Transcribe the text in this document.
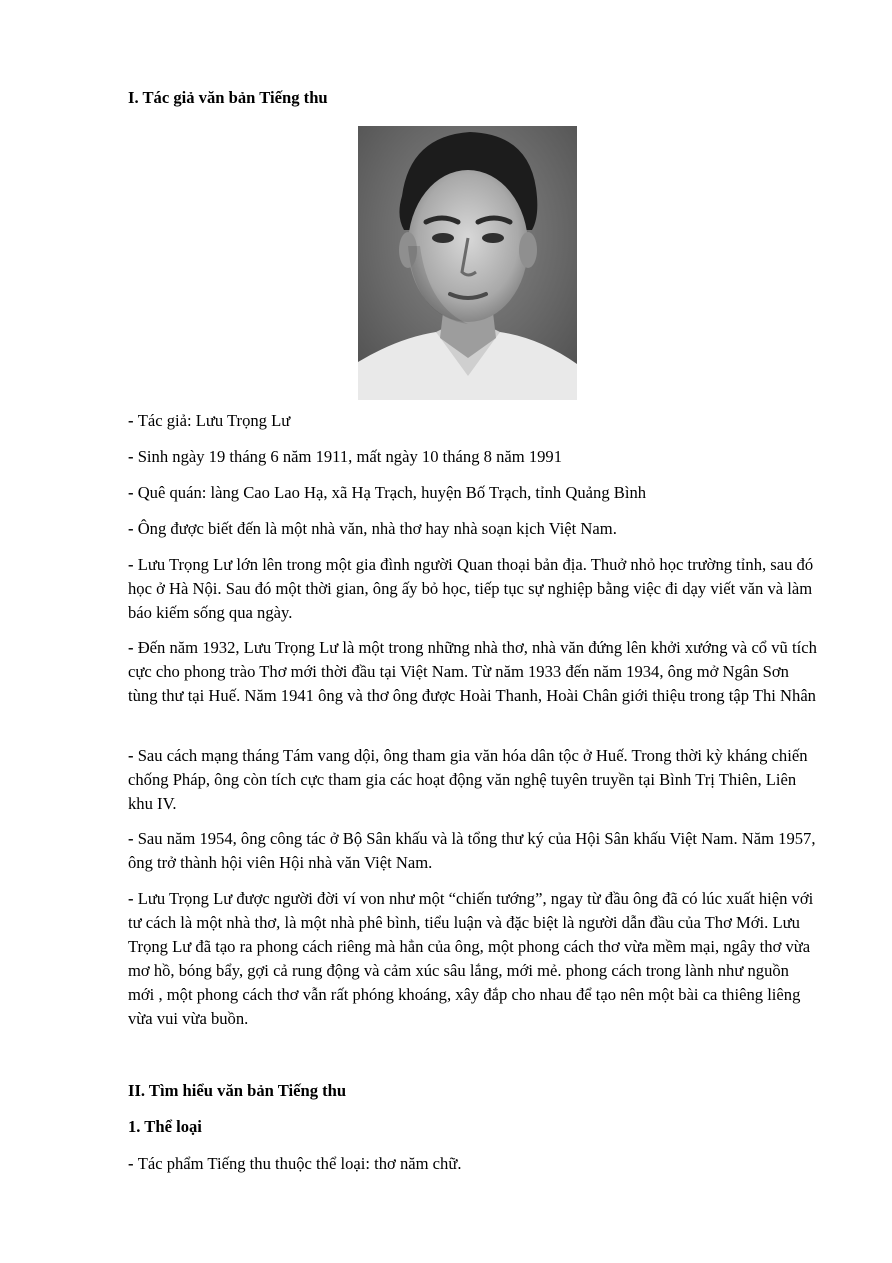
I. Tác giả văn bản Tiếng thu

- Tác giả: Lưu Trọng Lư

- Sinh ngày 19 tháng 6 năm 1911, mất ngày 10 tháng 8 năm 1991

- Quê quán: làng Cao Lao Hạ, xã Hạ Trạch, huyện Bố Trạch, tỉnh Quảng Bình

- Ông được biết đến là một nhà văn, nhà thơ hay nhà soạn kịch Việt Nam.

- Lưu Trọng Lư lớn lên trong một gia đình người Quan thoại bản địa. Thuở nhỏ học trường tỉnh, sau đó học ở Hà Nội. Sau đó một thời gian, ông ấy bỏ học, tiếp tục sự nghiệp bằng việc đi dạy viết văn và làm báo kiếm sống qua ngày.

- Đến năm 1932, Lưu Trọng Lư là một trong những nhà thơ, nhà văn đứng lên khởi xướng và cổ vũ tích cực cho phong trào Thơ mới thời đầu tại Việt Nam. Từ năm 1933 đến năm 1934, ông mở Ngân Sơn tùng thư tại Huế. Năm 1941 ông và thơ ông được Hoài Thanh, Hoài Chân giới thiệu trong tập Thi Nhân

- Sau cách mạng tháng Tám vang dội, ông tham gia văn hóa dân tộc ở Huế. Trong thời kỳ kháng chiến chống Pháp, ông còn tích cực tham gia các hoạt động văn nghệ tuyên truyền tại Bình Trị Thiên, Liên khu IV.

- Sau năm 1954, ông công tác ở Bộ Sân khấu và là tổng thư ký của Hội Sân khấu Việt Nam. Năm 1957, ông trở thành hội viên Hội nhà văn Việt Nam.

- Lưu Trọng Lư được người đời ví von như một “chiến tướng”, ngay từ đầu ông đã có lúc xuất hiện với tư cách là một nhà thơ, là một nhà phê bình, tiểu luận và đặc biệt là người dẫn đầu của Thơ Mới. Lưu Trọng Lư đã tạo ra phong cách riêng mà hẳn của ông, một phong cách thơ vừa mềm mại, ngây thơ vừa mơ hồ, bóng bẩy, gợi cả rung động và cảm xúc sâu lắng, mới mẻ. phong cách trong lành như nguồn mới , một phong cách thơ vẫn rất phóng khoáng, xây đắp cho nhau để tạo nên một bài ca thiêng liêng vừa vui vừa buồn.

II. Tìm hiểu văn bản Tiếng thu

1. Thể loại

- Tác phẩm Tiếng thu thuộc thể loại: thơ năm chữ.
